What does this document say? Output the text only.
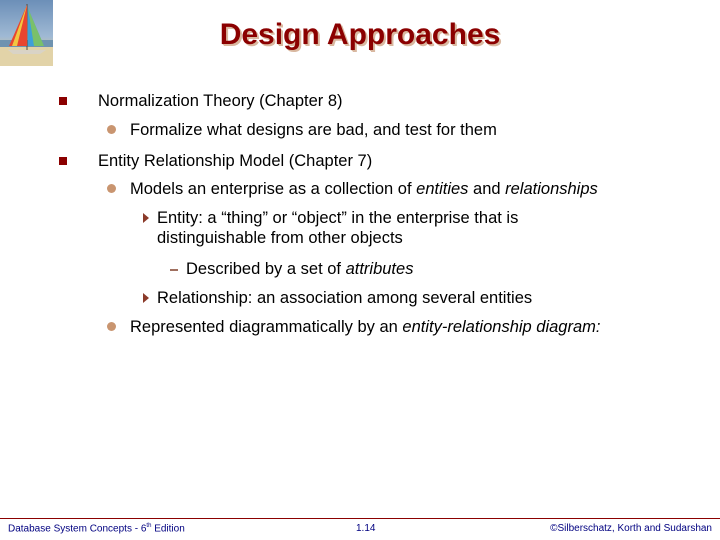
Design Approaches
Normalization Theory (Chapter 8)
Formalize what designs are bad, and test for them
Entity Relationship Model (Chapter 7)
Models an enterprise as a collection of entities and relationships
Entity: a “thing” or “object” in the enterprise that is
distinguishable from other objects
Described by a set of attributes
Relationship: an association among several entities
Represented diagrammatically by an entity-relationship diagram:
Database System Concepts - 6th Edition	1.14	©Silberschatz, Korth and Sudarshan
